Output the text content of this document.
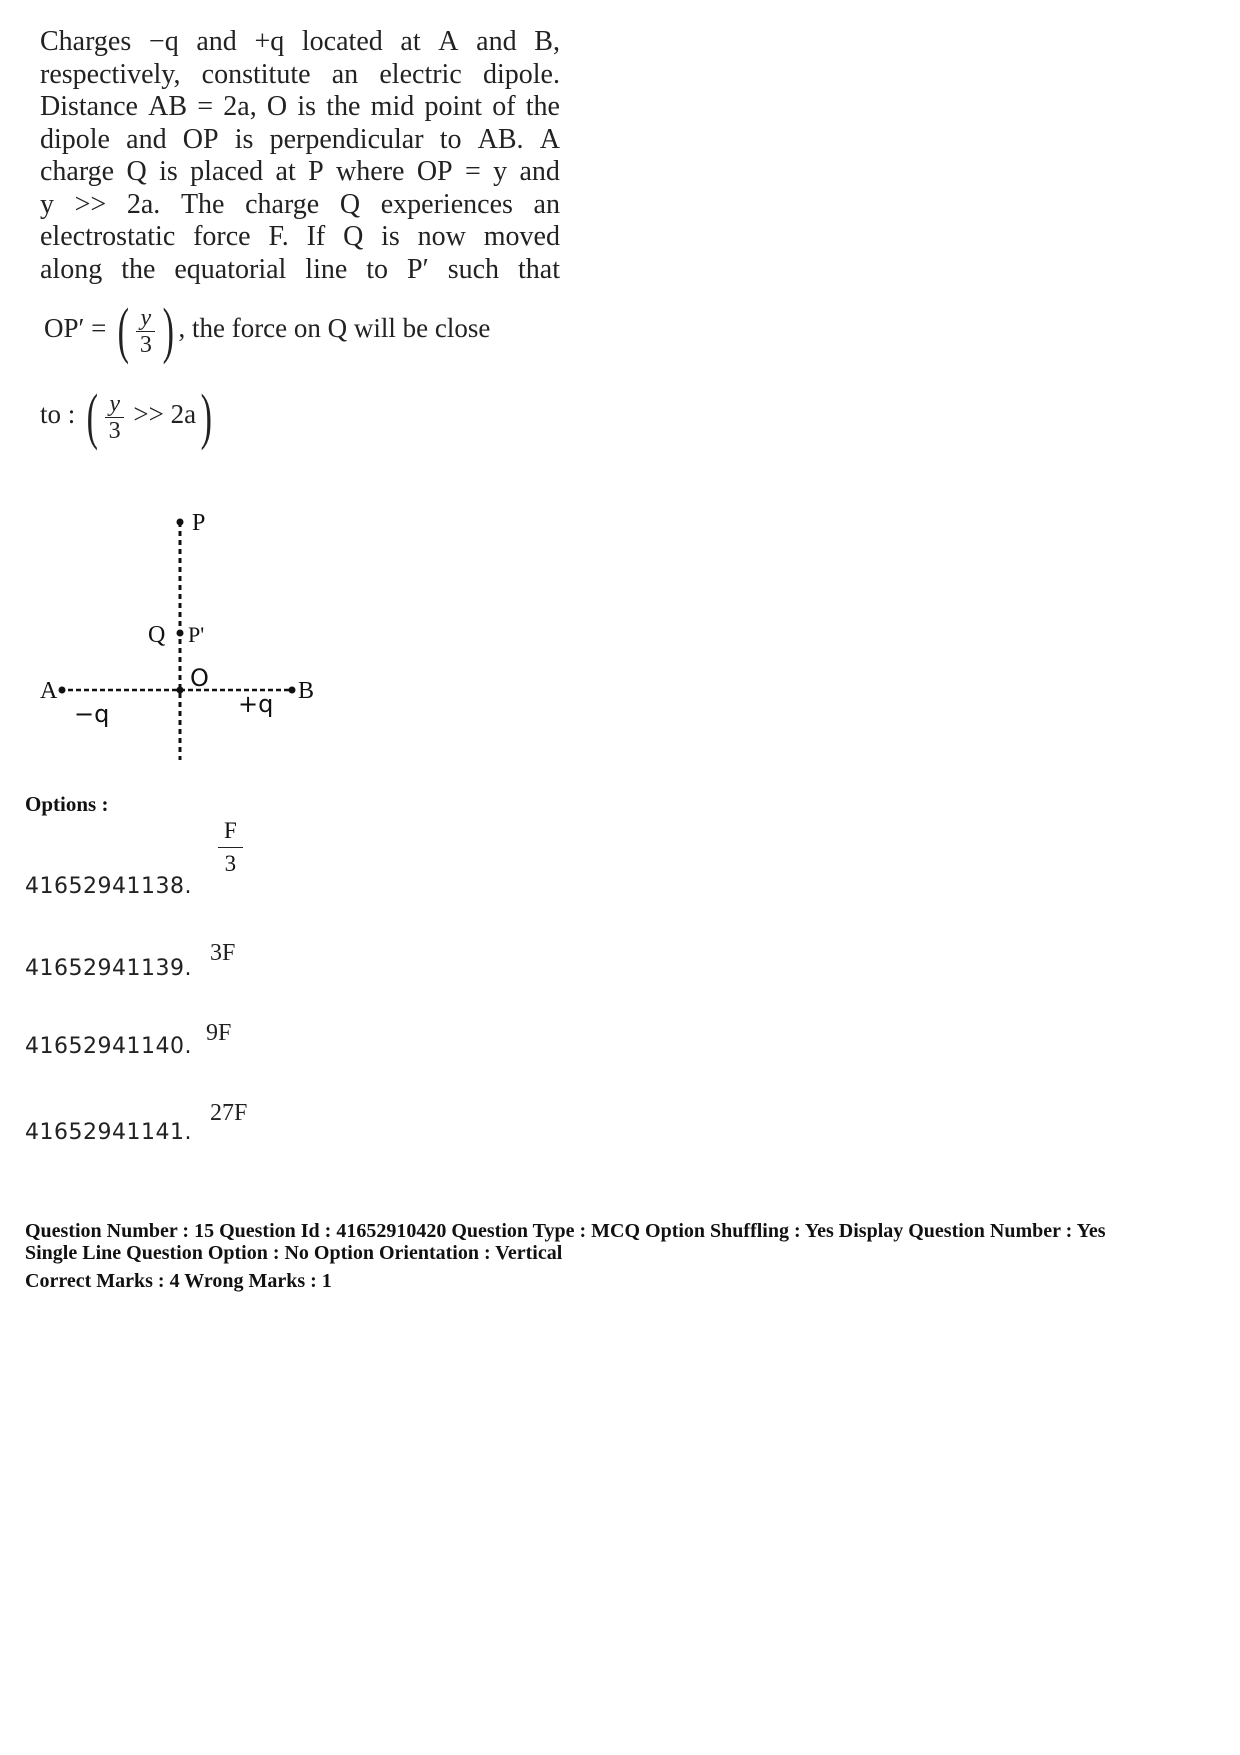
Charges −q and +q located at A and B,
respectively, constitute an electric dipole.
Distance AB = 2a, O is the mid point of the
dipole and OP is perpendicular to AB. A
charge Q is placed at P where OP = y and
y >> 2a. The charge Q experiences an
electrostatic force F. If Q is now moved
along the equatorial line to P′ such that
OP′ = ( $\frac{y}{3}$ ) , the force on Q will be close
to : ( $\frac{y}{3} >> 2a$)
P
Q P'
O
A	B
−q	+q
Options :
$\frac{F}{3}$
41652941138.
41652941139.
3F
41652941140.
9F
41652941141.
27F
Question Number : 15 Question Id : 41652910420 Question Type : MCQ Option Shuffling : Yes Display Question Number : Yes
Single Line Question Option : No Option Orientation : Vertical
Correct Marks : 4 Wrong Marks : 1
